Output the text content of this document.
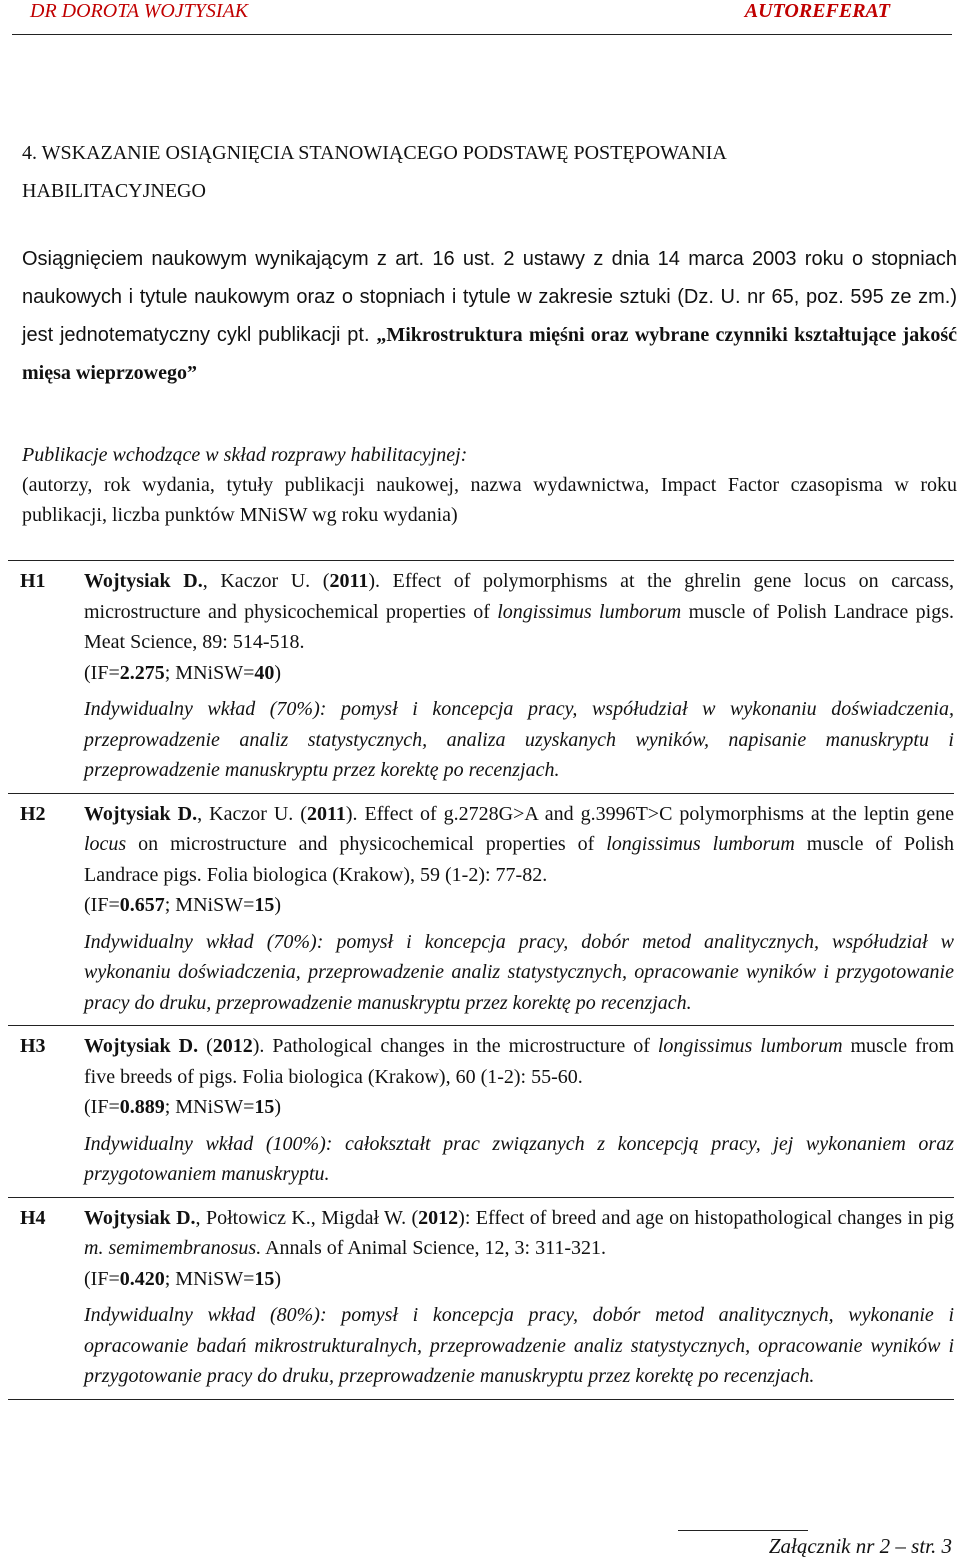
DR DOROTA WOJTYSIAK	AUTOREFERAT
4. WSKAZANIE OSIĄGNIĘCIA STANOWIĄCEGO PODSTAWĘ POSTĘPOWANIA
HABILITACYJNEGO
Osiągnięciem naukowym wynikającym z art. 16 ust. 2 ustawy z dnia 14 marca 2003 roku o stopniach naukowych i tytule naukowym oraz o stopniach i tytule w zakresie sztuki (Dz. U. nr 65, poz. 595 ze zm.) jest jednotematyczny cykl publikacji pt. „Mikrostruktura mięśni oraz wybrane czynniki kształtujące jakość mięsa wieprzowego”
Publikacje wchodzące w skład rozprawy habilitacyjnej:
(autorzy, rok wydania, tytuły publikacji naukowej, nazwa wydawnictwa, Impact Factor czasopisma w roku publikacji, liczba punktów MNiSW wg roku wydania)
H1	Wojtysiak D., Kaczor U. (2011). Effect of polymorphisms at the ghrelin gene locus on carcass, microstructure and physicochemical properties of longissimus lumborum muscle of Polish Landrace pigs. Meat Science, 89: 514-518.

(IF=2.275; MNiSW=40)

Indywidualny wkład (70%): pomysł i koncepcja pracy, współudział w wykonaniu doświadczenia, przeprowadzenie analiz statystycznych, analiza uzyskanych wyników, napisanie manuskryptu i przeprowadzenie manuskryptu przez korektę po recenzjach.

H2	Wojtysiak D., Kaczor U. (2011). Effect of g.2728G>A and g.3996T>C polymorphisms at the leptin gene locus on microstructure and physicochemical properties of longissimus lumborum muscle of Polish Landrace pigs. Folia biologica (Krakow), 59 (1-2): 77-82.

(IF=0.657; MNiSW=15)

Indywidualny wkład (70%): pomysł i koncepcja pracy, dobór metod analitycznych, współudział w wykonaniu doświadczenia, przeprowadzenie analiz statystycznych, opracowanie wyników i przygotowanie pracy do druku, przeprowadzenie manuskryptu przez korektę po recenzjach.

H3	Wojtysiak D. (2012). Pathological changes in the microstructure of longissimus lumborum muscle from five breeds of pigs. Folia biologica (Krakow), 60 (1-2): 55-60.

(IF=0.889; MNiSW=15)

Indywidualny wkład (100%): całokształt prac związanych z koncepcją pracy, jej wykonaniem oraz przygotowaniem manuskryptu.

H4	Wojtysiak D., Połtowicz K., Migdał W. (2012): Effect of breed and age on histopathological changes in pig m. semimembranosus. Annals of Animal Science, 12, 3: 311-321.

(IF=0.420; MNiSW=15)

Indywidualny wkład (80%): pomysł i koncepcja pracy, dobór metod analitycznych, wykonanie i opracowanie badań mikrostrukturalnych, przeprowadzenie analiz statystycznych, opracowanie wyników i przygotowanie pracy do druku, przeprowadzenie manuskryptu przez korektę po recenzjach.

Załącznik nr 2 – str. 3
